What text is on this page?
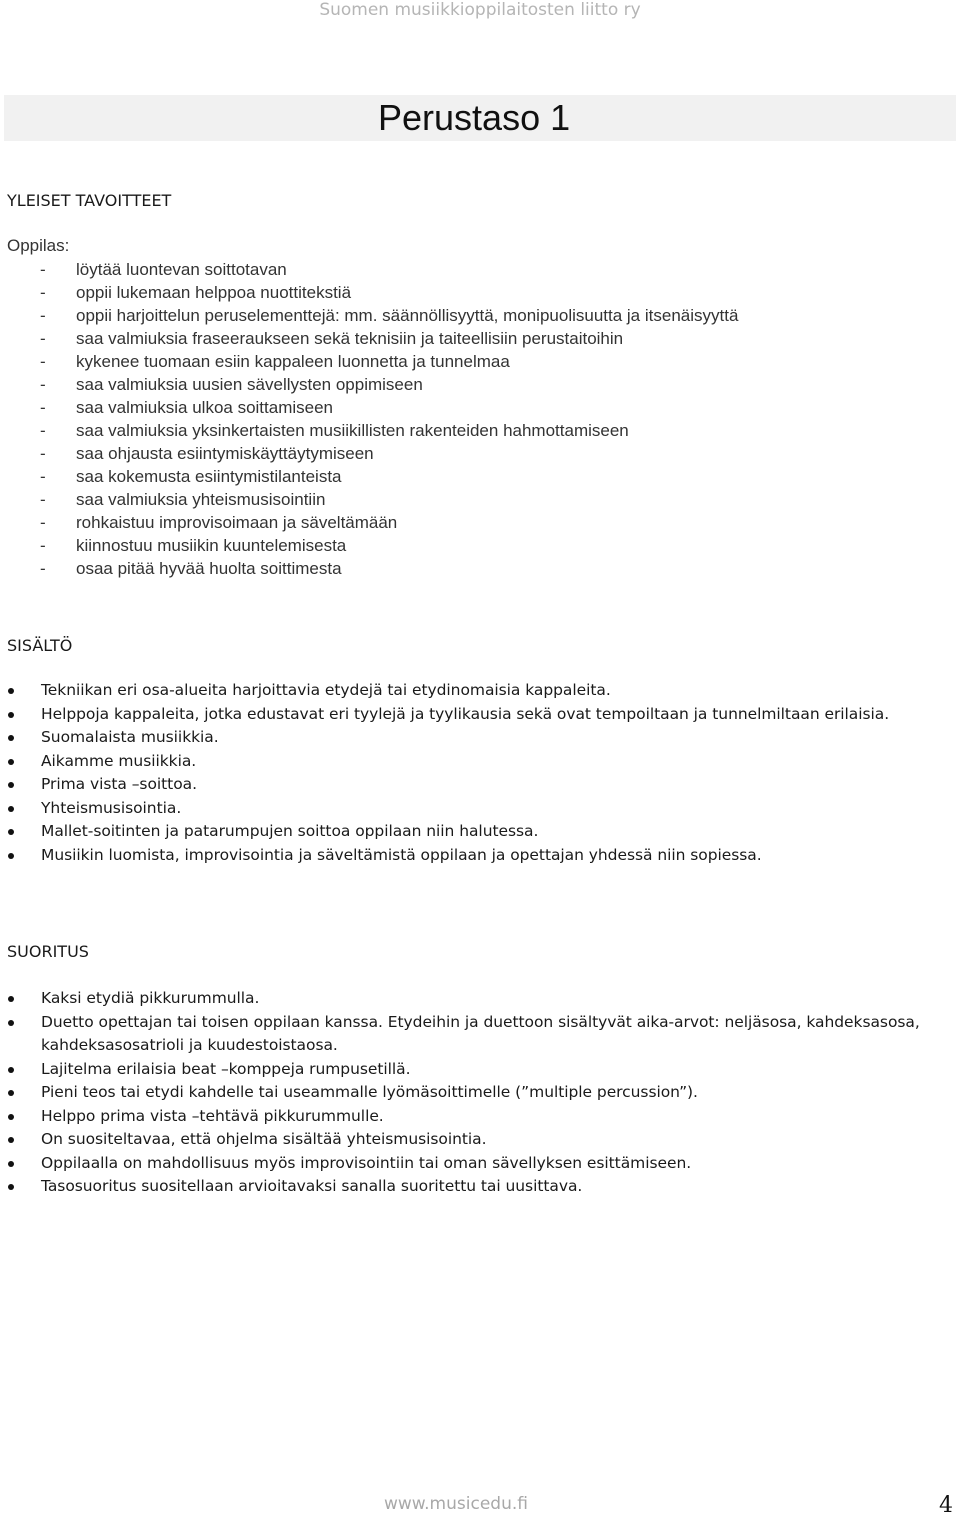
Suomen musiikkioppilaitosten liitto ry
Perustaso 1
YLEISET TAVOITTEET
Oppilas:
-	löytää luontevan soittotavan
-	oppii lukemaan helppoa nuottitekstiä
-	oppii harjoittelun peruselementtejä: mm. säännöllisyyttä, monipuolisuutta ja itsenäisyyttä
-	saa valmiuksia fraseeraukseen sekä teknisiin ja taiteellisiin perustaitoihin
-	kykenee tuomaan esiin kappaleen luonnetta ja tunnelmaa
-	saa valmiuksia uusien sävellysten oppimiseen
-	saa valmiuksia ulkoa soittamiseen
-	saa valmiuksia yksinkertaisten musiikillisten rakenteiden hahmottamiseen
-	saa ohjausta esiintymiskäyttäytymiseen
-	saa kokemusta esiintymistilanteista
-	saa valmiuksia yhteismusisointiin
-	rohkaistuu improvisoimaan ja säveltämään
-	kiinnostuu musiikin kuuntelemisesta
-	osaa pitää hyvää huolta soittimesta
SISÄLTÖ
Tekniikan eri osa-alueita harjoittavia etydejä tai etydinomaisia kappaleita.
Helppoja kappaleita, jotka edustavat eri tyylejä ja tyylikausia sekä ovat tempoiltaan ja tunnelmiltaan erilaisia.
Suomalaista musiikkia.
Aikamme musiikkia.
Prima vista –soittoa.
Yhteismusisointia.
Mallet-soitinten ja patarumpujen soittoa oppilaan niin halutessa.
Musiikin luomista, improvisointia ja säveltämistä oppilaan ja opettajan yhdessä niin sopiessa.
SUORITUS
Kaksi etydiä pikkurummulla.
Duetto opettajan tai toisen oppilaan kanssa. Etydeihin ja duettoon sisältyvät aika-arvot: neljäsosa, kahdeksasosa, kahdeksasosatrioli ja kuudestoistaosa.
Lajitelma erilaisia beat –komppeja rumpusetillä.
Pieni teos tai etydi kahdelle tai useammalle lyömäsoittimelle (”multiple percussion”).
Helppo prima vista –tehtävä pikkurummulle.
On suositeltavaa, että ohjelma sisältää yhteismusisointia.
Oppilaalla on mahdollisuus myös improvisointiin tai oman sävellyksen esittämiseen.
Tasosuoritus suositellaan arvioitavaksi sanalla suoritettu tai uusittava.
www.musicedu.fi	4
